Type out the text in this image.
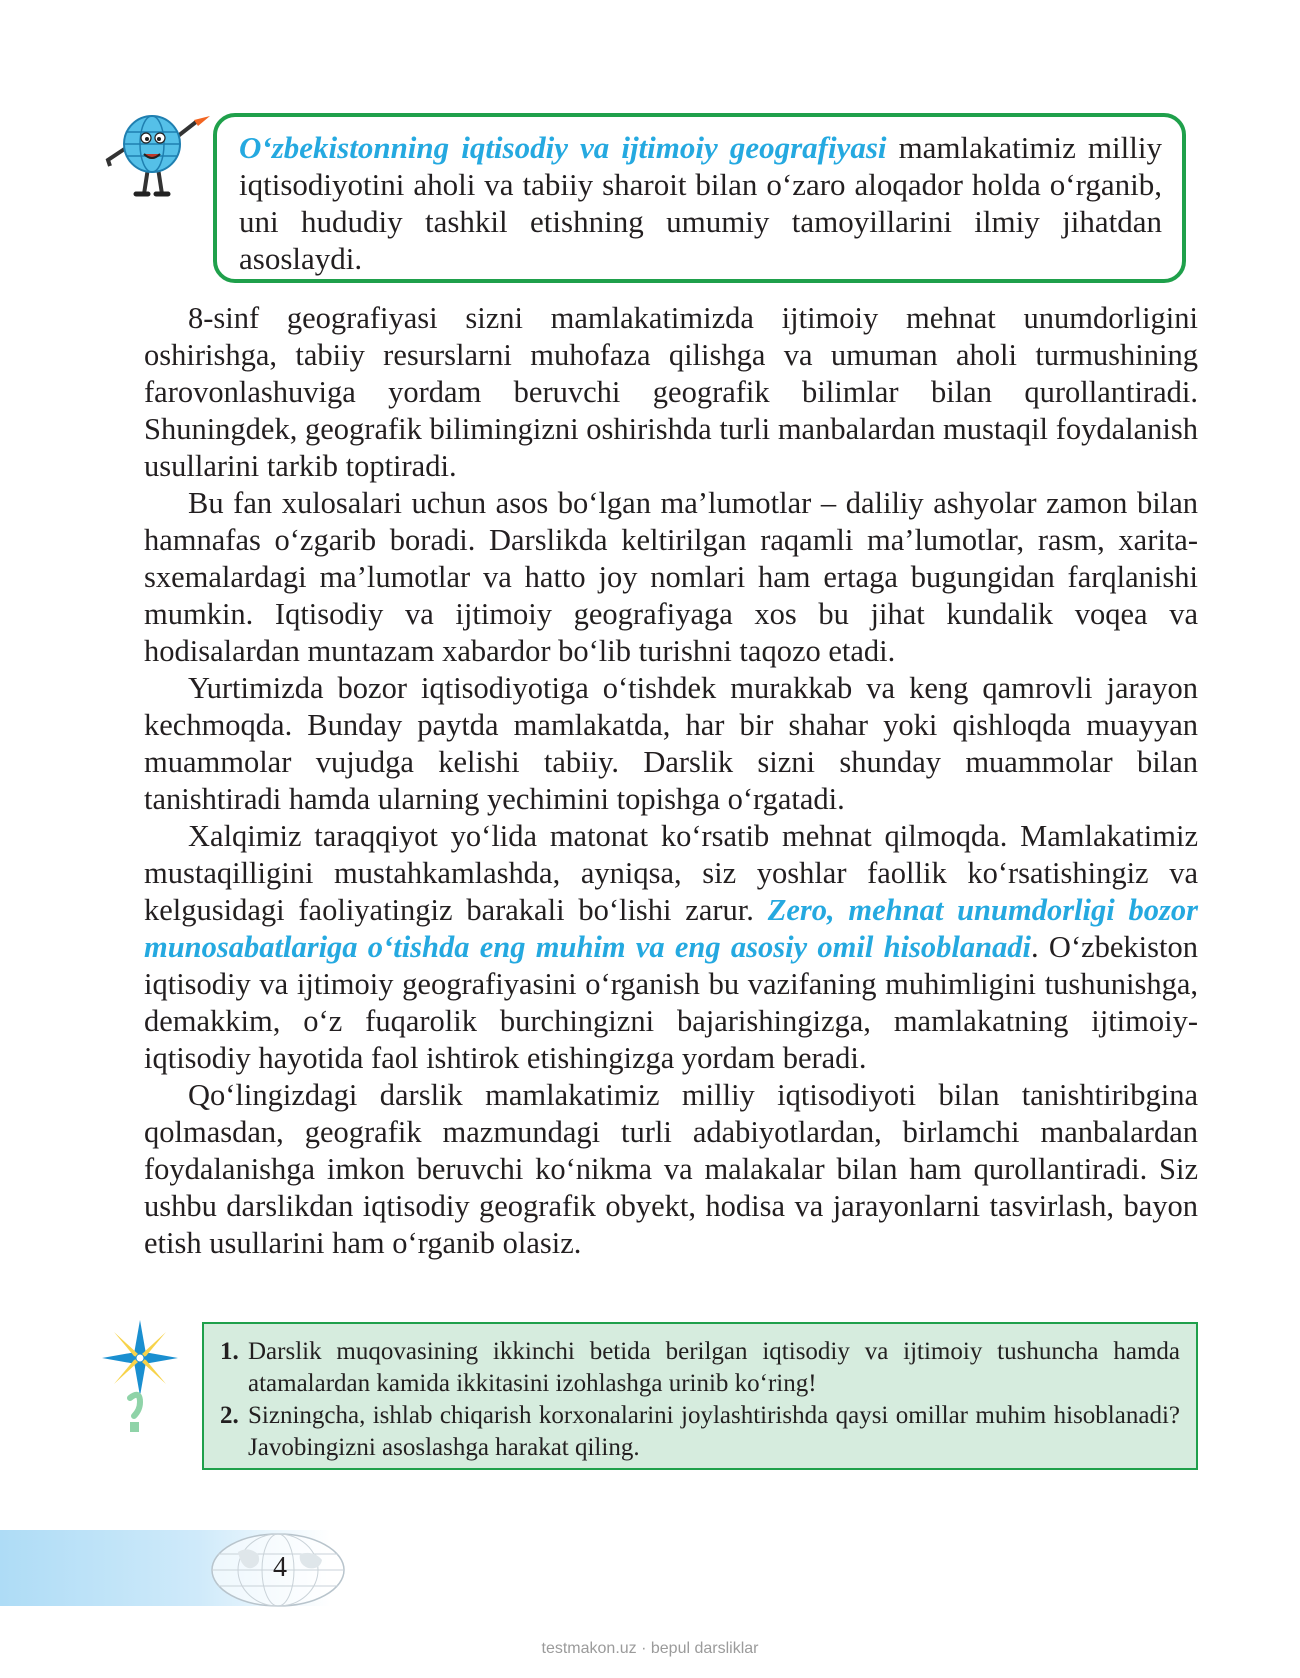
O‘zbekistonning iqtisodiy va ijtimoiy geografiyasi mamlakatimiz milliy iqtisodiyotini aholi va tabiiy sharoit bilan o‘zaro aloqador holda o‘rganib, uni hududiy tashkil etishning umumiy tamoyillarini ilmiy jihatdan asoslaydi.

8-sinf geografiyasi sizni mamlakatimizda ijtimoiy mehnat unumdorligini oshirishga, tabiiy resurslarni muhofaza qilishga va umuman aholi turmushining farovonlashuviga yordam beruvchi geografik bilimlar bilan qurollantiradi. Shuningdek, geografik bilimingizni oshirishda turli manbalardan mustaqil foydalanish usullarini tarkib toptiradi.

Bu fan xulosalari uchun asos bo‘lgan ma’lumotlar – daliliy ashyolar zamon bilan hamnafas o‘zgarib boradi. Darslikda keltirilgan raqamli ma’lumotlar, rasm, xarita-sxemalardagi ma’lumotlar va hatto joy nomlari ham ertaga bugungidan farqlanishi mumkin. Iqtisodiy va ijtimoiy geografiyaga xos bu jihat kundalik voqea va hodisalardan muntazam xabardor bo‘lib turishni taqozo etadi.

Yurtimizda bozor iqtisodiyotiga o‘tishdek murakkab va keng qamrovli jarayon kechmoqda. Bunday paytda mamlakatda, har bir shahar yoki qishloqda muayyan muammolar vujudga kelishi tabiiy. Darslik sizni shunday muammolar bilan tanishtiradi hamda ularning yechimini topishga o‘rgatadi.

Xalqimiz taraqqiyot yo‘lida matonat ko‘rsatib mehnat qilmoqda. Mamlakatimiz mustaqilligini mustahkamlashda, ayniqsa, siz yoshlar faollik ko‘rsatishingiz va kelgusidagi faoliyatingiz barakali bo‘lishi zarur. Zero, mehnat unumdorligi bozor munosabatlariga o‘tishda eng muhim va eng asosiy omil hisoblanadi. O‘zbekiston iqtisodiy va ijtimoiy geografiyasini o‘rganish bu vazifaning muhimligini tushunishga, demakkim, o‘z fuqarolik burchingizni bajarishingizga, mamlakatning ijtimoiy-iqtisodiy hayotida faol ishtirok etishingizga yordam beradi.

Qo‘lingizdagi darslik mamlakatimiz milliy iqtisodiyoti bilan tanishtiribgina qolmasdan, geografik mazmundagi turli adabiyotlardan, birlamchi manbalardan foydalanishga imkon beruvchi ko‘nikma va malakalar bilan ham qurollantiradi. Siz ushbu darslikdan iqtisodiy geografik obyekt, hodisa va jarayonlarni tasvirlash, bayon etish usullarini ham o‘rganib olasiz.

1. Darslik muqovasining ikkinchi betida berilgan iqtisodiy va ijtimoiy tushuncha hamda atamalardan kamida ikkitasini izohlashga urinib ko‘ring!
2. Sizningcha, ishlab chiqarish korxonalarini joylashtirishda qaysi omillar muhim hisoblanadi? Javobingizni asoslashga harakat qiling.
4
testmakon.uz · bepul darsliklar
